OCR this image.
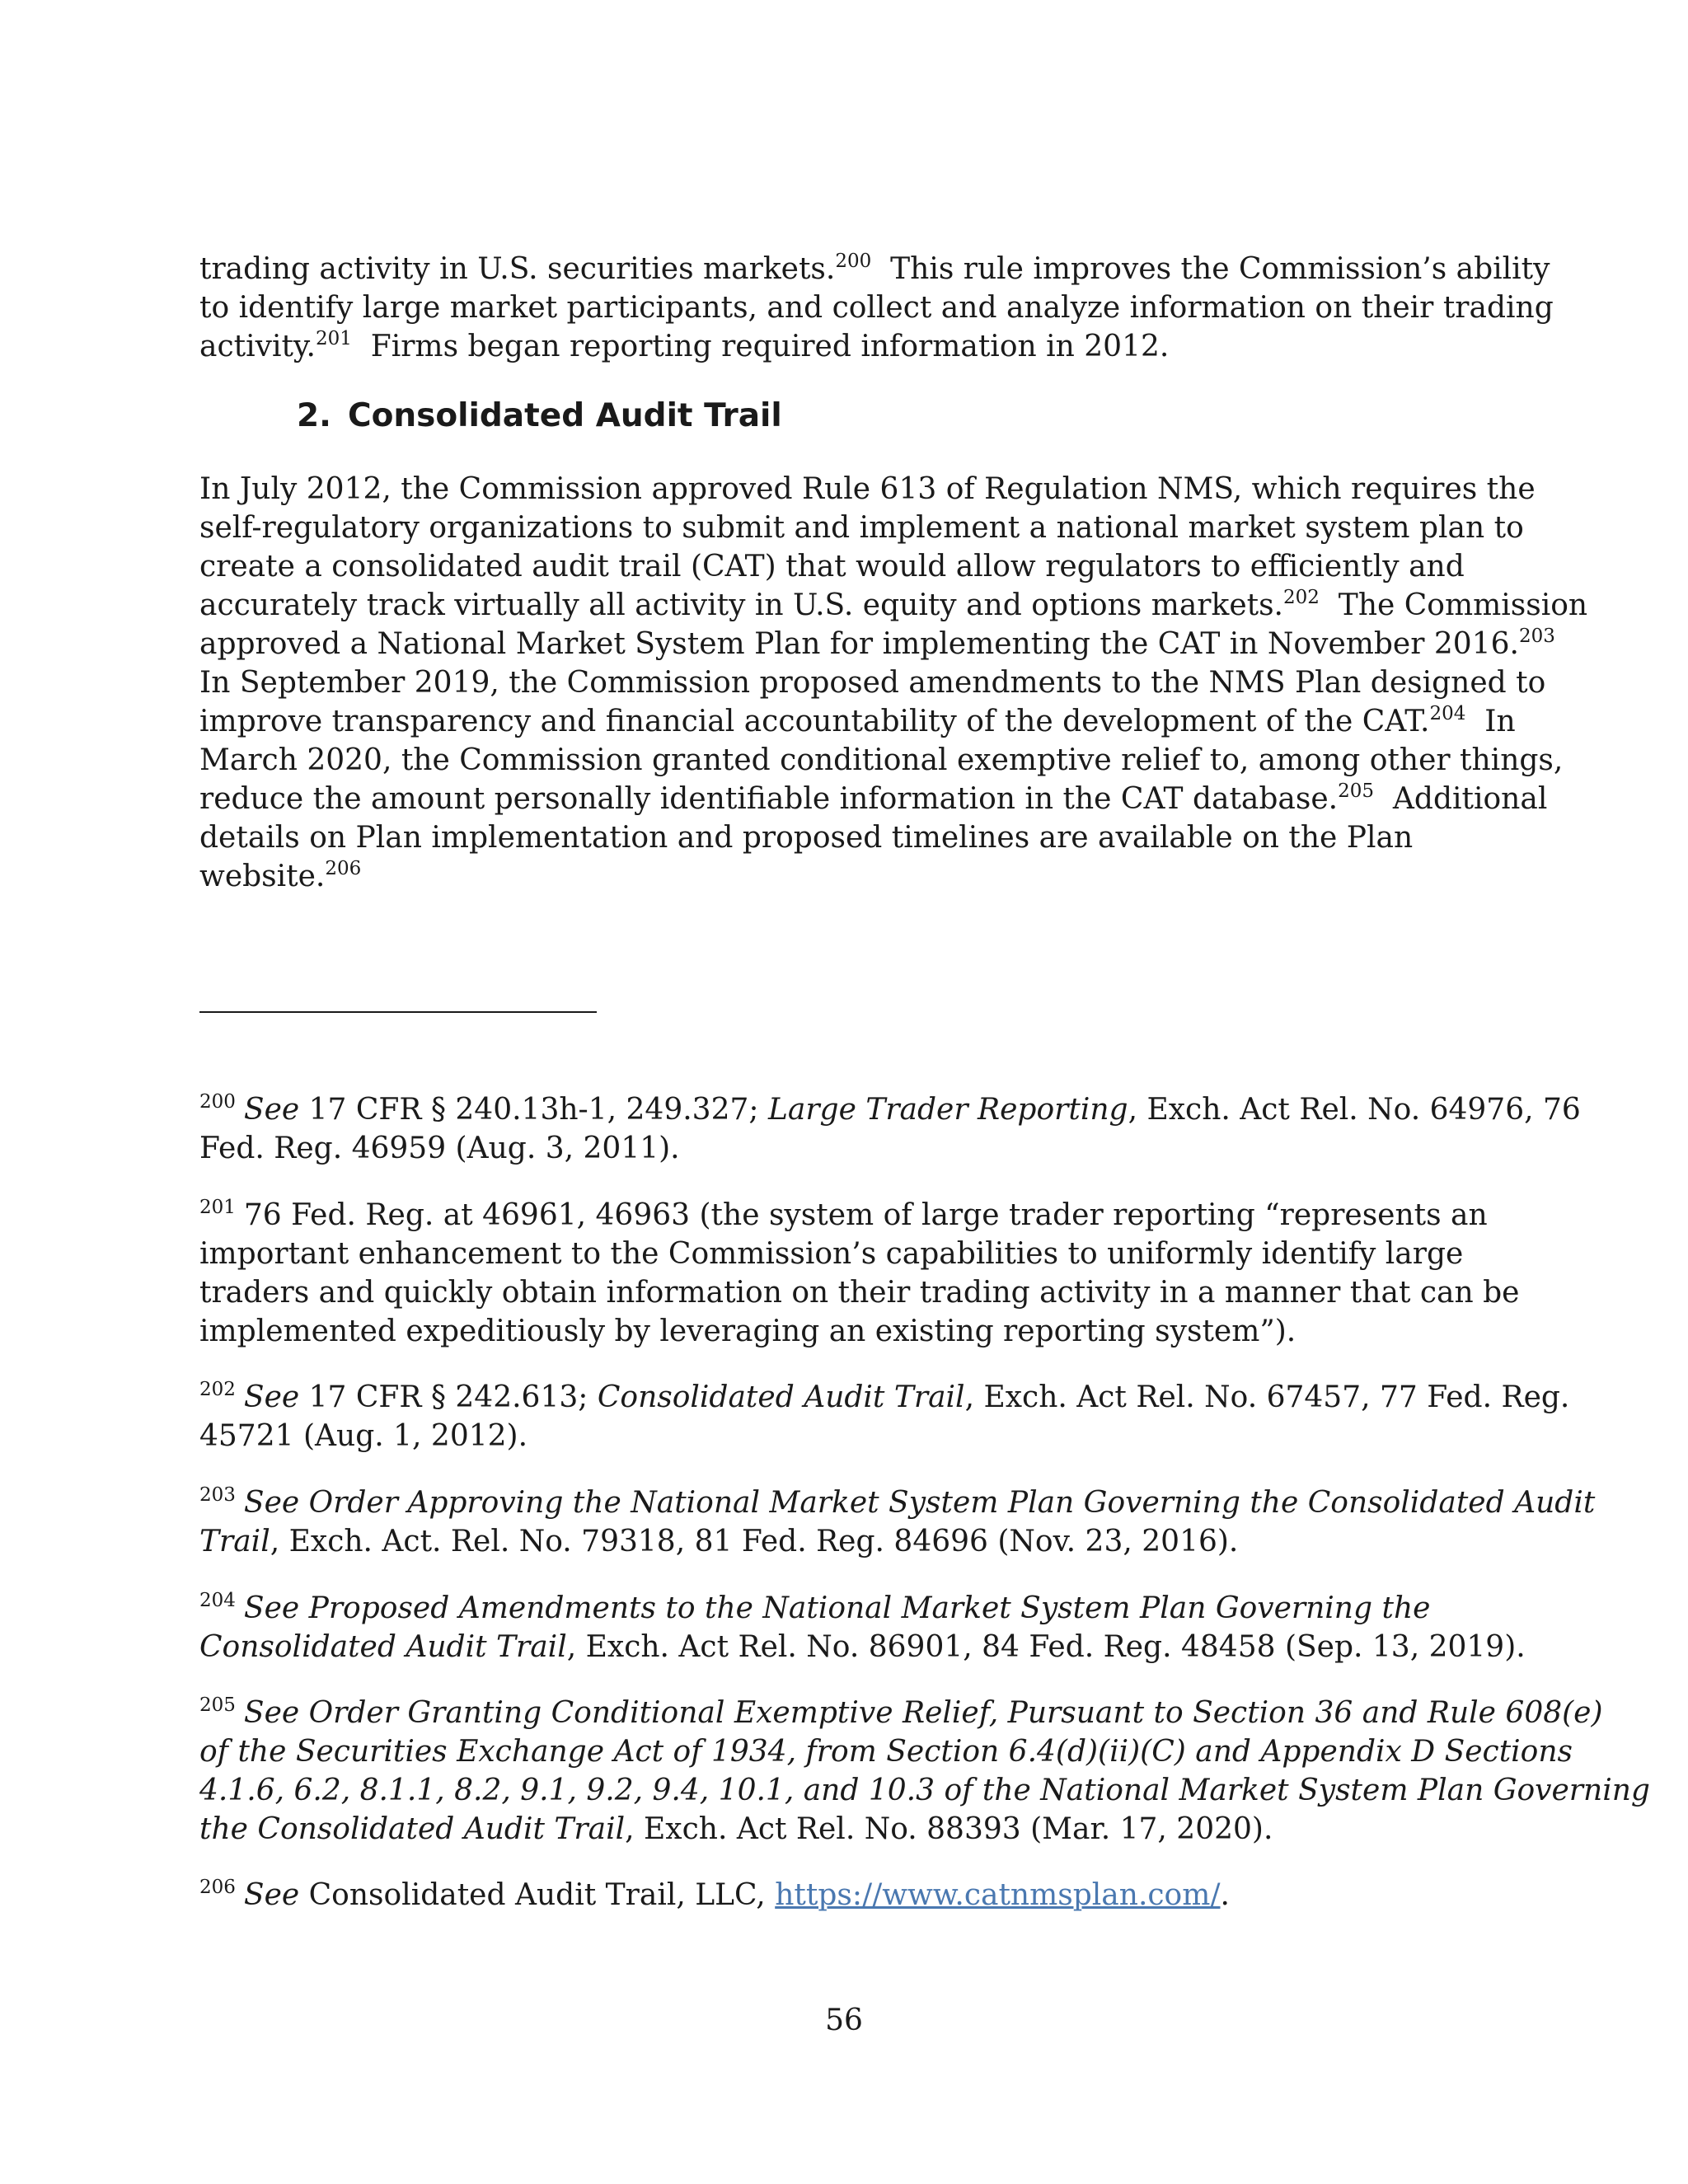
trading activity in U.S. securities markets.$^{200}$  This rule improves the Commission’s ability
to identify large market participants, and collect and analyze information on their trading
activity.$^{201}$  Firms began reporting required information in 2012.

2. Consolidated Audit Trail

In July 2012, the Commission approved Rule 613 of Regulation NMS, which requires the
self-regulatory organizations to submit and implement a national market system plan to
create a consolidated audit trail (CAT) that would allow regulators to efficiently and
accurately track virtually all activity in U.S. equity and options markets.$^{202}$  The Commission
approved a National Market System Plan for implementing the CAT in November 2016.$^{203}$
In September 2019, the Commission proposed amendments to the NMS Plan designed to
improve transparency and financial accountability of the development of the CAT.$^{204}$  In
March 2020, the Commission granted conditional exemptive relief to, among other things,
reduce the amount personally identifiable information in the CAT database.$^{205}$  Additional
details on Plan implementation and proposed timelines are available on the Plan
website.$^{206}$

$^{200}$ See 17 CFR § 240.13h-1, 249.327; Large Trader Reporting, Exch. Act Rel. No. 64976, 76
Fed. Reg. 46959 (Aug. 3, 2011).

$^{201}$ 76 Fed. Reg. at 46961, 46963 (the system of large trader reporting “represents an
important enhancement to the Commission’s capabilities to uniformly identify large
traders and quickly obtain information on their trading activity in a manner that can be
implemented expeditiously by leveraging an existing reporting system”).

$^{202}$ See 17 CFR § 242.613; Consolidated Audit Trail, Exch. Act Rel. No. 67457, 77 Fed. Reg.
45721 (Aug. 1, 2012).

$^{203}$ See Order Approving the National Market System Plan Governing the Consolidated Audit
Trail, Exch. Act. Rel. No. 79318, 81 Fed. Reg. 84696 (Nov. 23, 2016).

$^{204}$ See Proposed Amendments to the National Market System Plan Governing the
Consolidated Audit Trail, Exch. Act Rel. No. 86901, 84 Fed. Reg. 48458 (Sep. 13, 2019).

$^{205}$ See Order Granting Conditional Exemptive Relief, Pursuant to Section 36 and Rule 608(e)
of the Securities Exchange Act of 1934, from Section 6.4(d)(ii)(C) and Appendix D Sections
4.1.6, 6.2, 8.1.1, 8.2, 9.1, 9.2, 9.4, 10.1, and 10.3 of the National Market System Plan Governing
the Consolidated Audit Trail, Exch. Act Rel. No. 88393 (Mar. 17, 2020).

$^{206}$ See Consolidated Audit Trail, LLC, https://www.catnmsplan.com/.

56
